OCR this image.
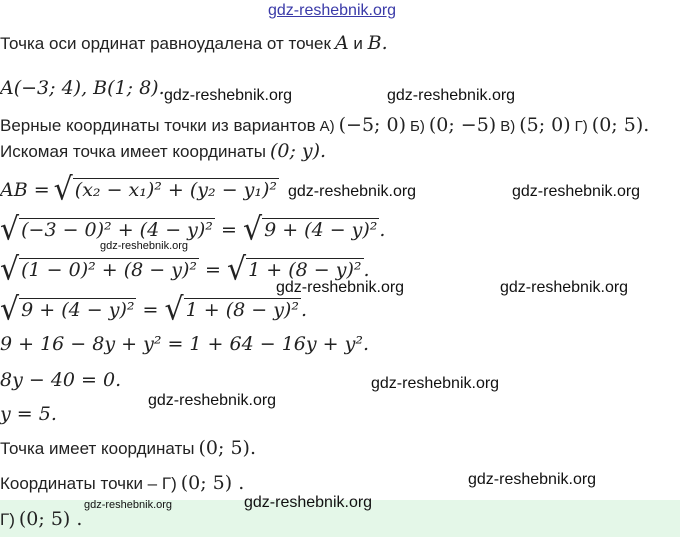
gdz-reshebnik.org
Точка оси ординат равноудалена от точек A и B.
A(−3; 4), B(1; 8).
Верные координаты точки из вариантов А) (−5; 0) Б) (0; −5) В) (5; 0) Г) (0; 5).
Искомая точка имеет координаты (0; y).
AB = √ (x₂ − x₁)² + (y₂ − y₁)²
√ (−3 − 0)² + (4 − y)² = √ 9 + (4 − y)² .
√ (1 − 0)² + (8 − y)² = √ 1 + (8 − y)² .
√ 9 + (4 − y)² = √ 1 + (8 − y)² .
9 + 16 − 8y + y² = 1 + 64 − 16y + y².
8y − 40 = 0.
y = 5.
Точка имеет координаты (0; 5).
Координаты точки – Г) (0; 5) .
Г) (0; 5) .
gdz-reshebnik.org	gdz-reshebnik.org
gdz-reshebnik.org	gdz-reshebnik.org
gdz-reshebnik.org
gdz-reshebnik.org	gdz-reshebnik.org
gdz-reshebnik.org
gdz-reshebnik.org
gdz-reshebnik.org
gdz-reshebnik.org	gdz-reshebnik.org
